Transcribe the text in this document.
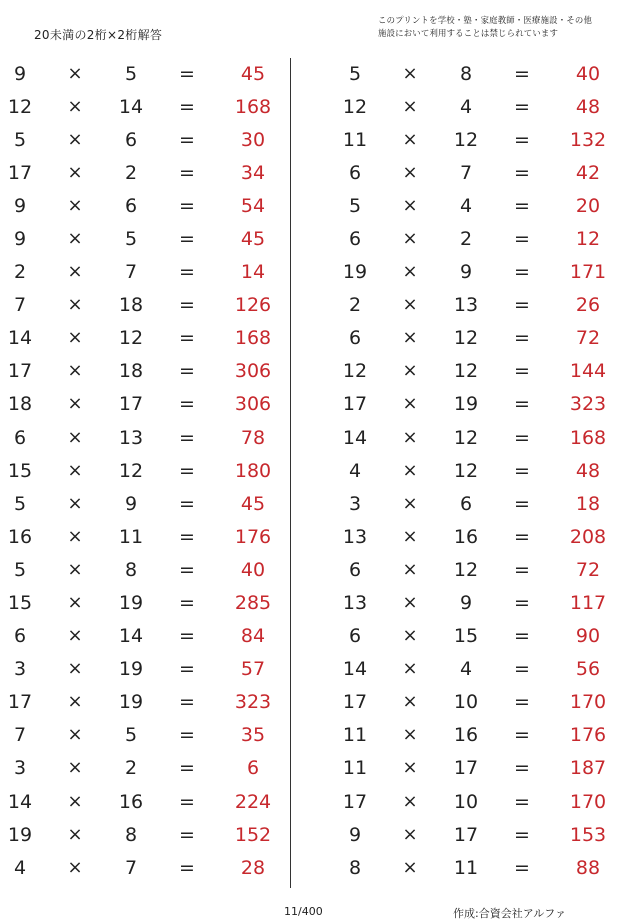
20未満の2桁×2桁解答
このプリントを学校・塾・家庭教師・医療施設・その他
施設において利用することは禁じられています
9	×	5	=	45
12	×	14	=	168
5	×	6	=	30
17	×	2	=	34
9	×	6	=	54
9	×	5	=	45
2	×	7	=	14
7	×	18	=	126
14	×	12	=	168
17	×	18	=	306
18	×	17	=	306
6	×	13	=	78
15	×	12	=	180
5	×	9	=	45
16	×	11	=	176
5	×	8	=	40
15	×	19	=	285
6	×	14	=	84
3	×	19	=	57
17	×	19	=	323
7	×	5	=	35
3	×	2	=	6
14	×	16	=	224
19	×	8	=	152
4	×	7	=	28
5	×	8	=	40
12	×	4	=	48
11	×	12	=	132
6	×	7	=	42
5	×	4	=	20
6	×	2	=	12
19	×	9	=	171
2	×	13	=	26
6	×	12	=	72
12	×	12	=	144
17	×	19	=	323
14	×	12	=	168
4	×	12	=	48
3	×	6	=	18
13	×	16	=	208
6	×	12	=	72
13	×	9	=	117
6	×	15	=	90
14	×	4	=	56
17	×	10	=	170
11	×	16	=	176
11	×	17	=	187
17	×	10	=	170
9	×	17	=	153
8	×	11	=	88
11/400	作成:合資会社アルファ
